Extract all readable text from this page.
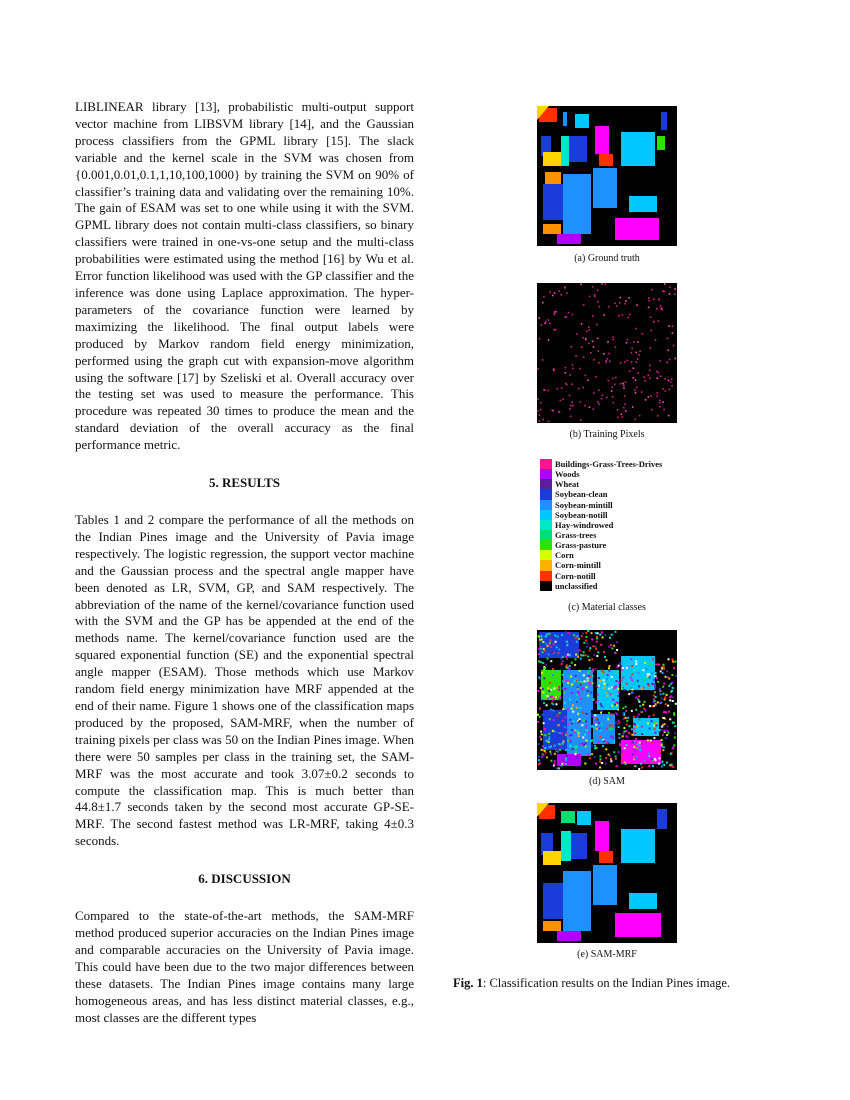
LIBLINEAR library [13], probabilistic multi-output support vector machine from LIBSVM library [14], and the Gaussian process classifiers from the GPML library [15]. The slack variable and the kernel scale in the SVM was chosen from {0.001,0.01,0.1,1,10,100,1000} by training the SVM on 90% of classifier’s training data and validating over the remaining 10%. The gain of ESAM was set to one while using it with the SVM. GPML library does not contain multi-class classifiers, so binary classifiers were trained in one-vs-one setup and the multi-class probabilities were estimated using the method [16] by Wu et al. Error function likelihood was used with the GP classifier and the inference was done using Laplace approximation. The hyper-parameters of the covariance function were learned by maximizing the likelihood. The final output labels were produced by Markov random field energy minimization, performed using the graph cut with expansion-move algorithm using the software [17] by Szeliski et al. Overall accuracy over the testing set was used to measure the performance. This procedure was repeated 30 times to produce the mean and the standard deviation of the overall accuracy as the final performance metric.

5. RESULTS

Tables 1 and 2 compare the performance of all the methods on the Indian Pines image and the University of Pavia image respectively. The logistic regression, the support vector machine and the Gaussian process and the spectral angle mapper have been denoted as LR, SVM, GP, and SAM respectively. The abbreviation of the name of the kernel/covariance function used with the SVM and the GP has be appended at the end of the methods name. The kernel/covariance function used are the squared exponential function (SE) and the exponential spectral angle mapper (ESAM). Those methods which use Markov random field energy minimization have MRF appended at the end of their name. Figure 1 shows one of the classification maps produced by the proposed, SAM-MRF, when the number of training pixels per class was 50 on the Indian Pines image. When there were 50 samples per class in the training set, the SAM-MRF was the most accurate and took 3.07±0.2 seconds to compute the classification map. This is much better than 44.8±1.7 seconds taken by the second most accurate GP-SE-MRF. The second fastest method was LR-MRF, taking 4±0.3 seconds.

6. DISCUSSION

Compared to the state-of-the-art methods, the SAM-MRF method produced superior accuracies on the Indian Pines image and comparable accuracies on the University of Pavia image. This could have been due to the two major differences between these datasets. The Indian Pines image contains many large homogeneous areas, and has less distinct material classes, e.g., most classes are the different types

(a) Ground truth
(b) Training Pixels
Buildings-Grass-Trees-Drives
Woods
Wheat
Soybean-clean
Soybean-mintill
Soybean-notill
Hay-windrowed
Grass-trees
Grass-pasture
Corn
Corn-mintill
Corn-notill
unclassified
(c) Material classes
(d) SAM
(e) SAM-MRF
Fig. 1: Classification results on the Indian Pines image.
